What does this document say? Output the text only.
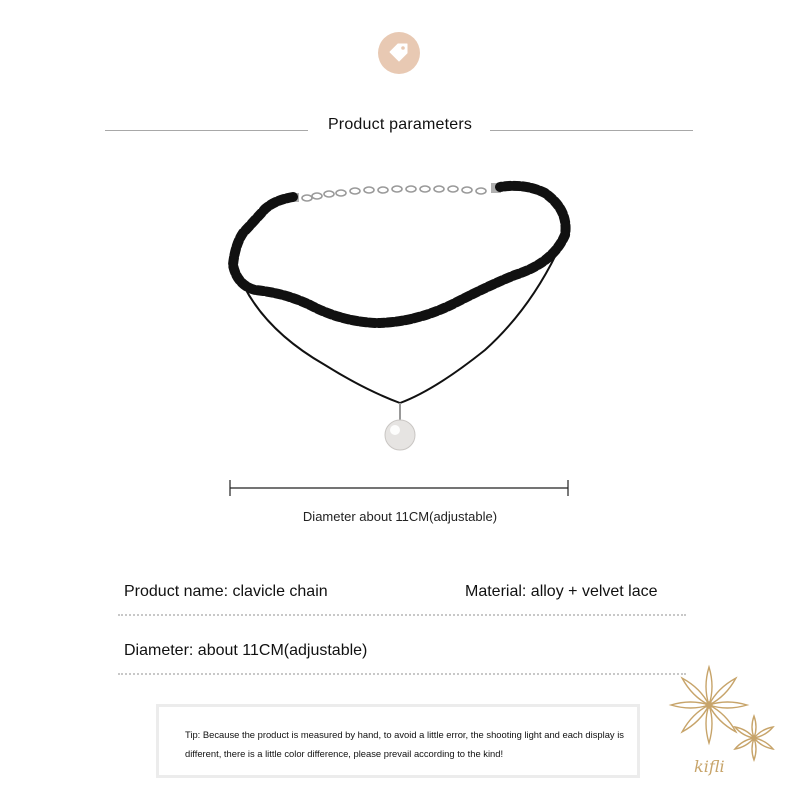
Product parameters
Diameter about 11CM(adjustable)
Product name: clavicle chain	Material: alloy + velvet lace
Diameter: about 11CM(adjustable)
Tip: Because the product is measured by hand, to avoid a little error, the shooting light and each display is different, there is a little color difference, please prevail according to the kind!
kifli
